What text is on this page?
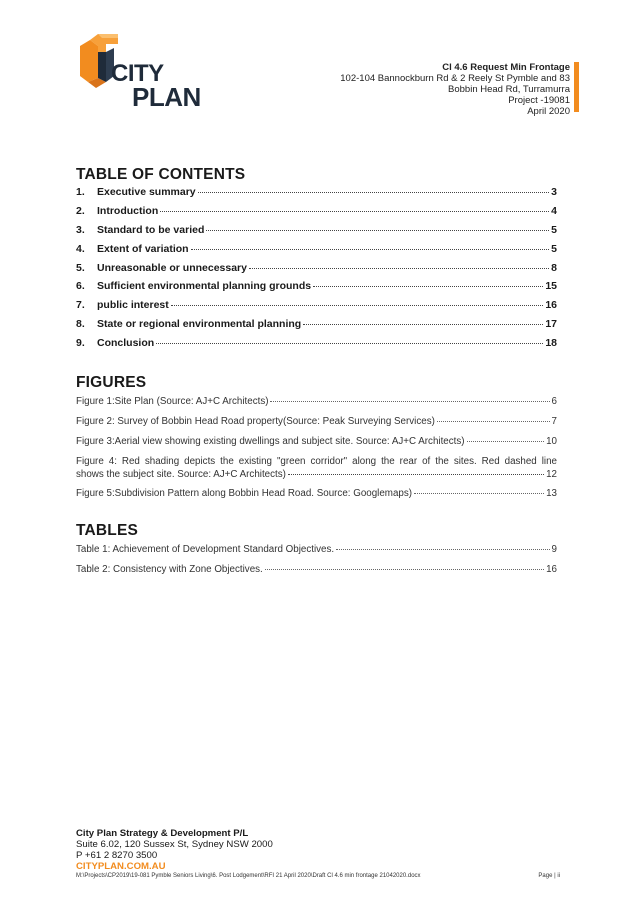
CITY
PLAN
Cl 4.6 Request Min Frontage
102-104 Bannockburn Rd & 2 Reely St Pymble and 83
Bobbin Head Rd, Turramurra
Project -19081
April 2020
TABLE OF CONTENTS
1.	Executive summary	3
2.	Introduction	4
3.	Standard to be varied	5
4.	Extent of variation	5
5.	Unreasonable or unnecessary	8
6.	Sufficient environmental planning grounds	15
7.	public interest	16
8.	State or regional environmental planning	17
9.	Conclusion	18
FIGURES
Figure 1:Site Plan (Source: AJ+C Architects)	6
Figure 2: Survey of Bobbin Head Road property(Source: Peak Surveying Services)	7
Figure 3:Aerial view showing existing dwellings and subject site. Source: AJ+C Architects)	10
Figure 4: Red shading depicts the existing "green corridor" along the rear of the sites. Red dashed line
shows the subject site. Source: AJ+C Architects)	12
Figure 5:Subdivision Pattern along Bobbin Head Road. Source: Googlemaps)	13
TABLES
Table 1: Achievement of Development Standard Objectives.	9
Table 2: Consistency with Zone Objectives.	16
City Plan Strategy & Development P/L
Suite 6.02, 120 Sussex St, Sydney NSW 2000
P +61 2 8270 3500
CITYPLAN.COM.AU
M:\Projects\CP2019\19-081 Pymble Seniors Living\6. Post Lodgement\RFI 21 April 2020\Draft Cl 4.6 min frontage 21042020.docx	Page | ii
